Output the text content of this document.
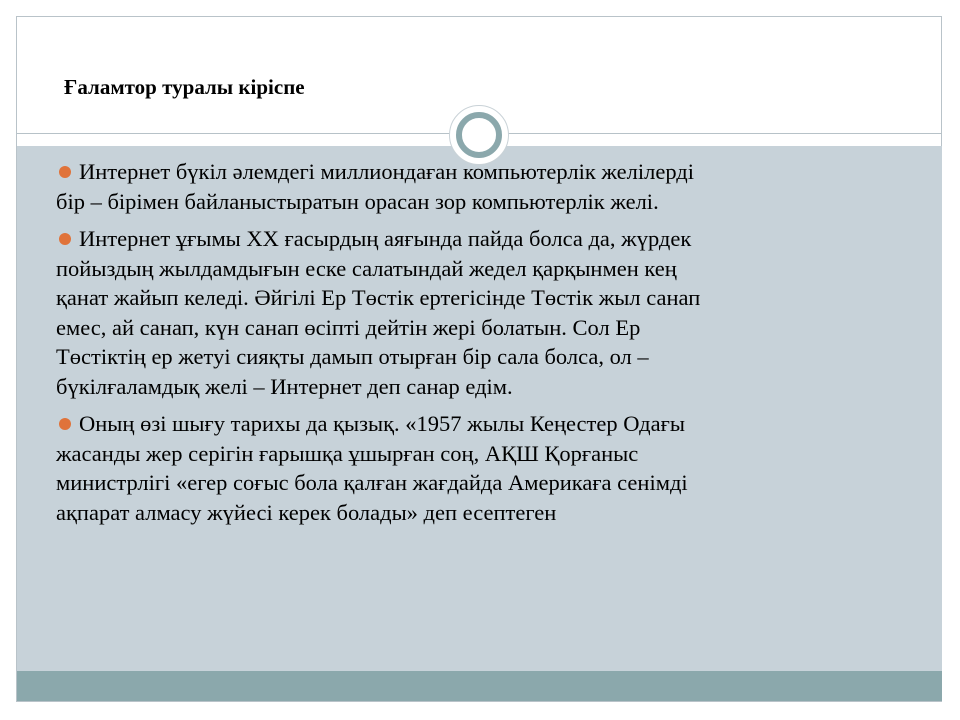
Ғаламтор туралы кіріспе
Интернет бүкіл әлемдегі миллиондаған компьютерлік желілерді
бір – бірімен байланыстыратын орасан зор компьютерлік желі.
Интернет ұғымы ХХ ғасырдың аяғында пайда болса да, жүрдек
пойыздың жылдамдығын еске салатындай жедел қарқынмен кең
қанат жайып келеді. Әйгілі Ер Төстік ертегісінде Төстік жыл санап
емес, ай санап, күн санап өсіпті дейтін жері болатын. Сол Ер
Төстіктің ер жетуі сияқты дамып отырған бір сала болса, ол –
бүкілғаламдық желі – Интернет деп санар едім.
Оның өзі шығу тарихы да қызық. «1957 жылы Кеңестер Одағы
жасанды жер серігін ғарышқа ұшырған соң, АҚШ Қорғаныс
министрлігі «егер соғыс бола қалған жағдайда Америкаға сенімді
ақпарат алмасу жүйесі керек болады» деп есептеген
